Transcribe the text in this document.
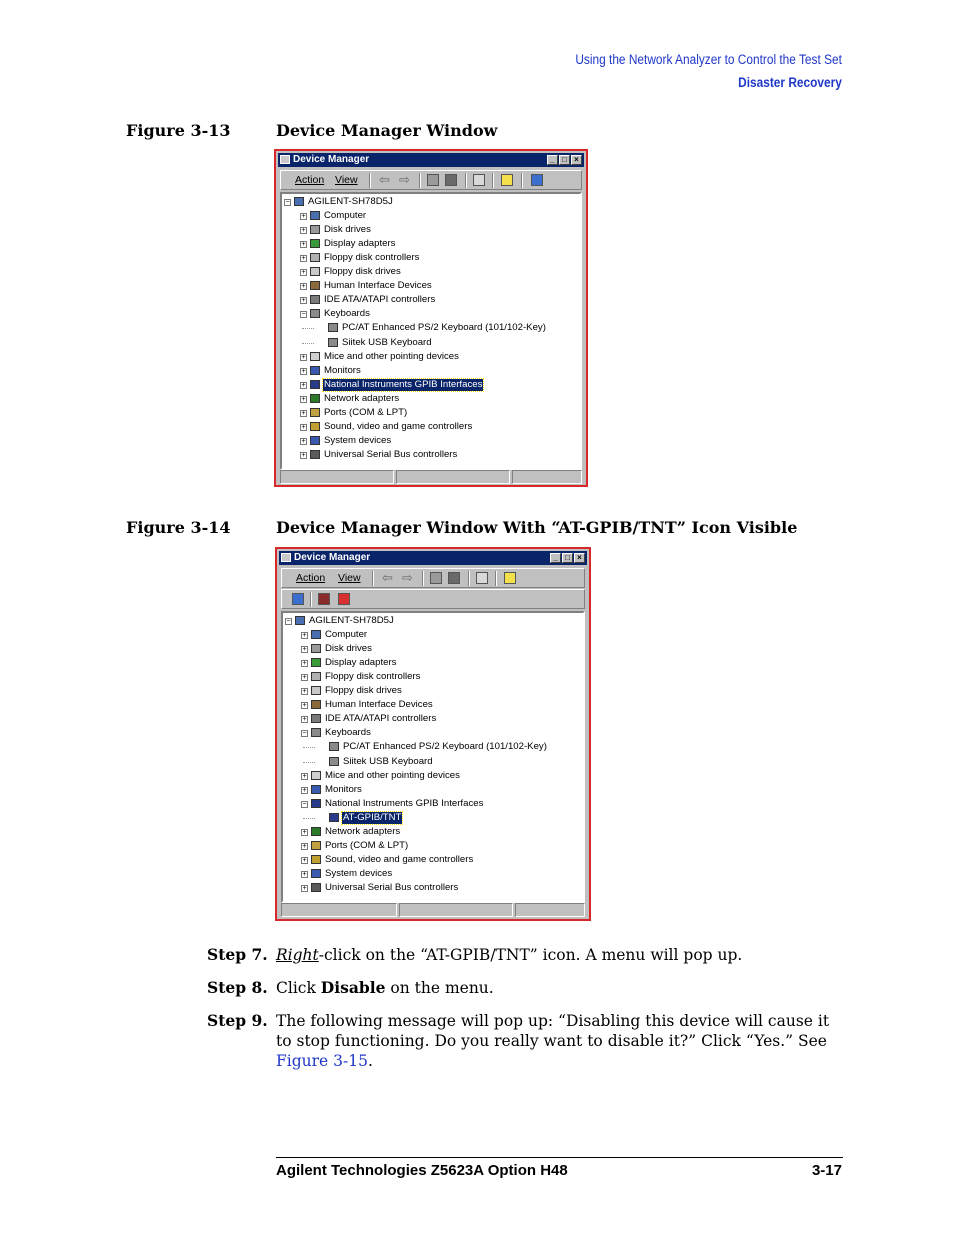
Using the Network Analyzer to Control the Test Set
Disaster Recovery
Figure 3-13	Device Manager Window
Device Manager	_ □ ×
Action View ⇦ ⇨
− AGILENT-SH78D5J
+ Computer
+ Disk drives
+ Display adapters
+ Floppy disk controllers
+ Floppy disk drives
+ Human Interface Devices
+ IDE ATA/ATAPI controllers
− Keyboards
PC/AT Enhanced PS/2 Keyboard (101/102-Key)
Siitek USB Keyboard
+ Mice and other pointing devices
+ Monitors
+ National Instruments GPIB Interfaces
+ Network adapters
+ Ports (COM & LPT)
+ Sound, video and game controllers
+ System devices
+ Universal Serial Bus controllers
Figure 3-14	Device Manager Window With “AT-GPIB/TNT” Icon Visible
Device Manager	_ □ ×
Action View ⇦ ⇨
− AGILENT-SH78D5J
+ Computer
+ Disk drives
+ Display adapters
+ Floppy disk controllers
+ Floppy disk drives
+ Human Interface Devices
+ IDE ATA/ATAPI controllers
− Keyboards
PC/AT Enhanced PS/2 Keyboard (101/102-Key)
Siitek USB Keyboard
+ Mice and other pointing devices
+ Monitors
− National Instruments GPIB Interfaces
AT-GPIB/TNT
+ Network adapters
+ Ports (COM & LPT)
+ Sound, video and game controllers
+ System devices
+ Universal Serial Bus controllers
Step 7. Right-click on the “AT-GPIB/TNT” icon. A menu will pop up.
Step 8. Click Disable on the menu.
Step 9. The following message will pop up: “Disabling this device will cause it to stop functioning. Do you really want to disable it?” Click “Yes.” See Figure 3-15.
Agilent Technologies Z5623A Option H48	3-17
